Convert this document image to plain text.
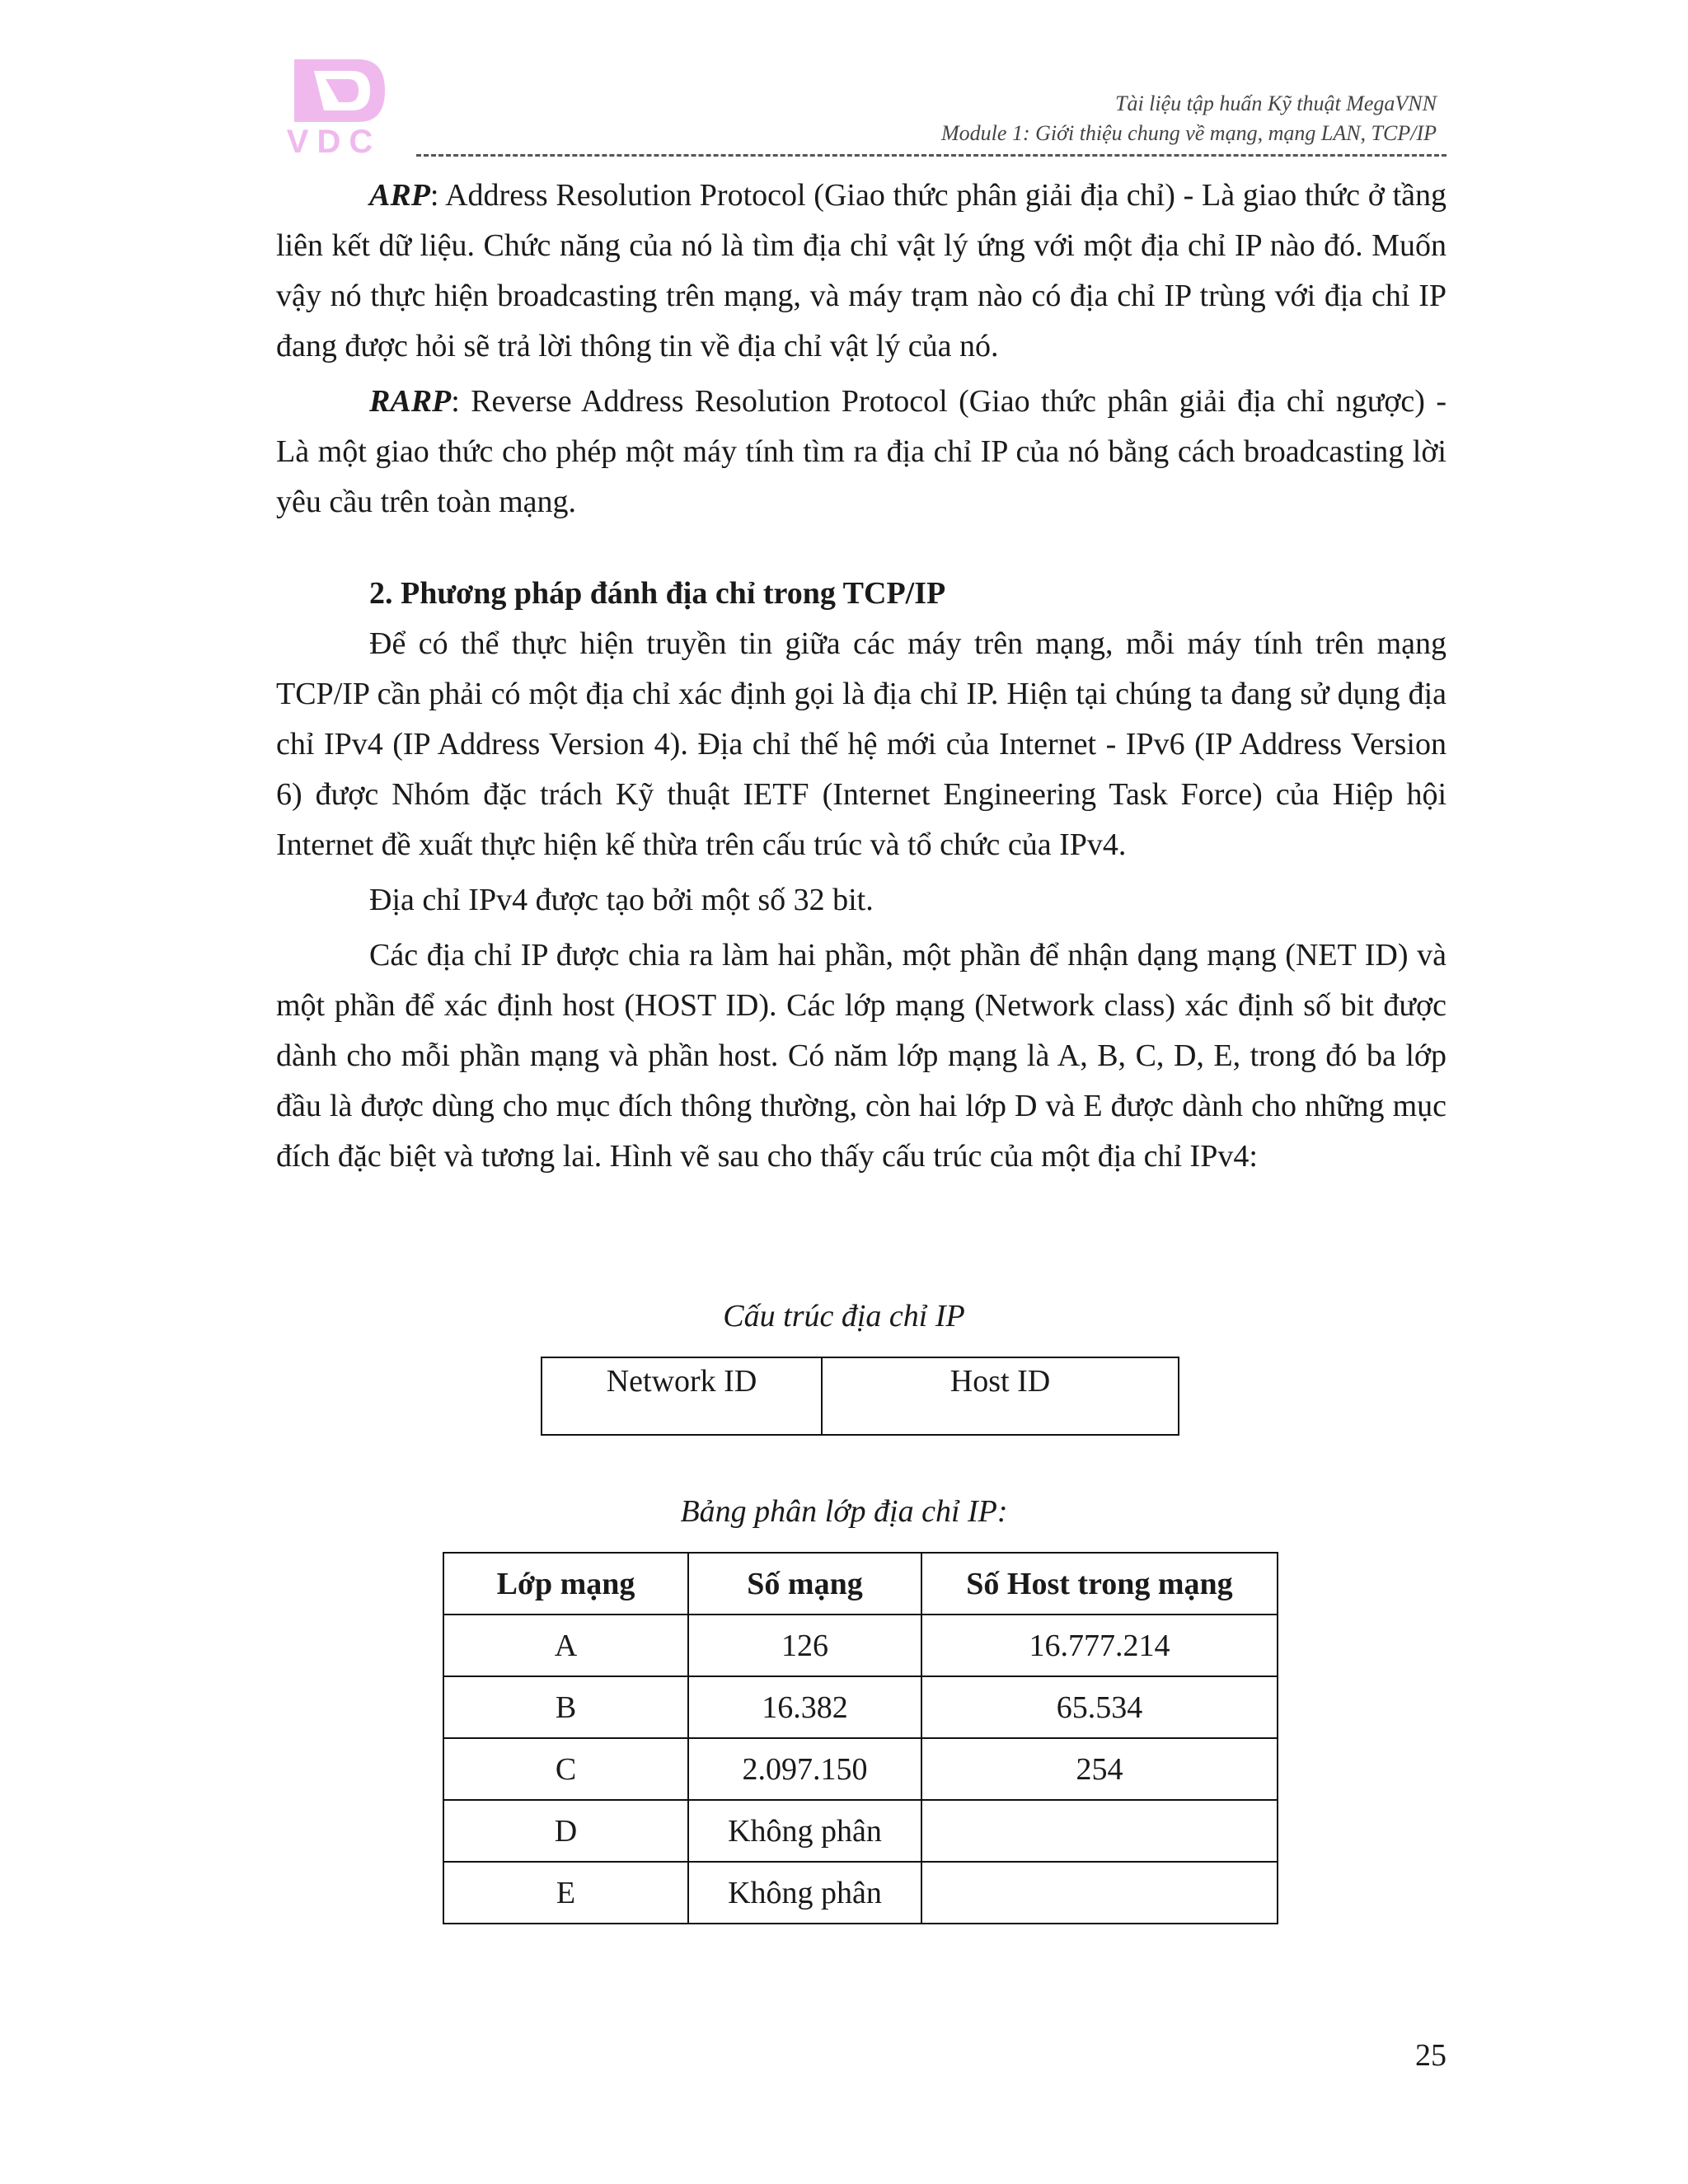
VDC
Tài liệu tập huấn Kỹ thuật MegaVNN
Module 1: Giới thiệu chung về mạng, mạng LAN, TCP/IP

ARP: Address Resolution Protocol (Giao thức phân giải địa chỉ) - Là giao thức ở tầng liên kết dữ liệu. Chức năng của nó là tìm địa chỉ vật lý ứng với một địa chỉ IP nào đó. Muốn vậy nó thực hiện broadcasting trên mạng, và máy trạm nào có địa chỉ IP trùng với địa chỉ IP đang được hỏi sẽ trả lời thông tin về địa chỉ vật lý của nó.

RARP: Reverse Address Resolution Protocol (Giao thức phân giải địa chỉ ngược) - Là một giao thức cho phép một máy tính tìm ra địa chỉ IP của nó bằng cách broadcasting lời yêu cầu trên toàn mạng.

2. Phương pháp đánh địa chỉ trong TCP/IP

Để có thể thực hiện truyền tin giữa các máy trên mạng, mỗi máy tính trên mạng TCP/IP cần phải có một địa chỉ xác định gọi là địa chỉ IP. Hiện tại chúng ta đang sử dụng địa chỉ IPv4 (IP Address Version 4). Địa chỉ thế hệ mới của Internet - IPv6 (IP Address Version 6) được Nhóm đặc trách Kỹ thuật IETF (Internet Engineering Task Force) của Hiệp hội Internet đề xuất thực hiện kế thừa trên cấu trúc và tổ chức của IPv4.

Địa chỉ IPv4 được tạo bởi một số 32 bit.

Các địa chỉ IP được chia ra làm hai phần, một phần để nhận dạng mạng (NET ID) và một phần để xác định host (HOST ID). Các lớp mạng (Network class) xác định số bit được dành cho mỗi phần mạng và phần host. Có năm lớp mạng là A, B, C, D, E, trong đó ba lớp đầu là được dùng cho mục đích thông thường, còn hai lớp D và E được dành cho những mục đích đặc biệt và tương lai. Hình vẽ sau cho thấy cấu trúc của một địa chỉ IPv4:

Cấu trúc địa chỉ IP
Network ID	Host ID
Bảng phân lớp địa chỉ IP:
Lớp mạng	Số mạng	Số Host trong mạng
A	126	16.777.214
B	16.382	65.534
C	2.097.150	254
D	Không phân	
E	Không phân	
25
